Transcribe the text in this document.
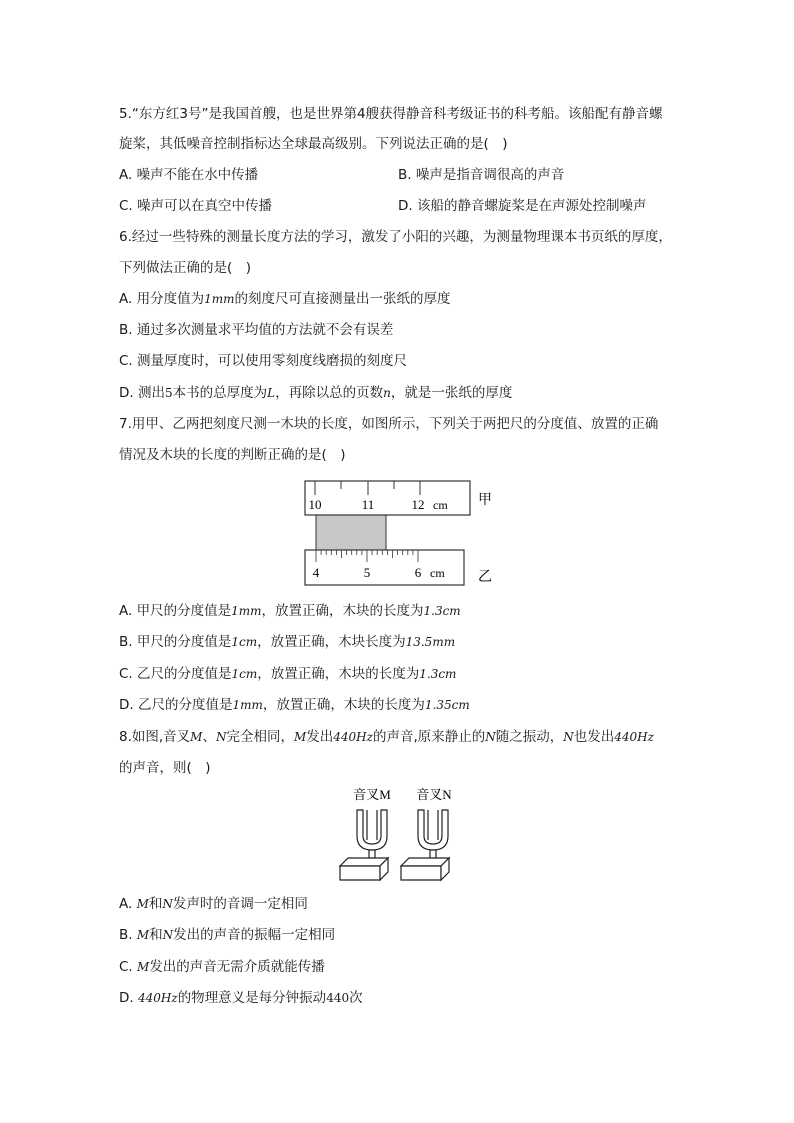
5.“东方红3号”是我国首艘，也是世界第4艘获得静音科考级证书的科考船。该船配有静音螺
旋桨，其低噪音控制指标达全球最高级别。下列说法正确的是(　)
A. 噪声不能在水中传播	B. 噪声是指音调很高的声音
C. 噪声可以在真空中传播	D. 该船的静音螺旋桨是在声源处控制噪声
6.经过一些特殊的测量长度方法的学习，激发了小阳的兴趣，为测量物理课本书页纸的厚度，
下列做法正确的是(　)
A. 用分度值为1mm的刻度尺可直接测量出一张纸的厚度
B. 通过多次测量求平均值的方法就不会有误差
C. 测量厚度时，可以使用零刻度线磨损的刻度尺
D. 测出5本书的总厚度为L，再除以总的页数n，就是一张纸的厚度
7.用甲、乙两把刻度尺测一木块的长度，如图所示，下列关于两把尺的分度值、放置的正确
情况及木块的长度的判断正确的是(　)
10	11	12 cm 甲
4	5	6 cm 乙
A. 甲尺的分度值是1mm，放置正确，木块的长度为1.3cm
B. 甲尺的分度值是1cm，放置正确，木块长度为13.5mm
C. 乙尺的分度值是1cm，放置正确，木块的长度为1.3cm
D. 乙尺的分度值是1mm，放置正确，木块的长度为1.35cm
8.如图,音叉M、N完全相同，M发出440Hz的声音,原来静止的N随之振动，N也发出440Hz
的声音，则(　)
音叉M 音叉N
A. M和N发声时的音调一定相同
B. M和N发出的声音的振幅一定相同
C. M发出的声音无需介质就能传播
D. 440Hz的物理意义是每分钟振动440次
